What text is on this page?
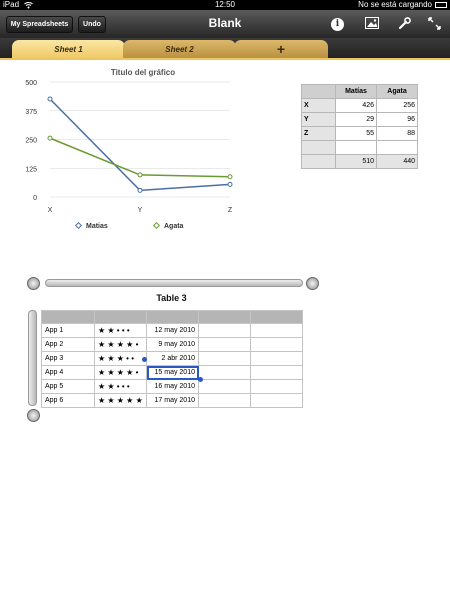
iPad	12:50	No se está cargando
My Spreadsheets	Undo	Blank	i
Sheet 1	Sheet 2	+
Titulo del gráfico
0
125
250
375
500
X	Y	Z
Matias	Agata
	Matías	Agata
X	426	256
Y	29	96
Z	55	88

	510	440
Table 3

App 1	★ ★ • • •	12 may 2010		
App 2	★ ★ ★ ★ •	9 may 2010		
App 3	★ ★ ★ • •	2 abr 2010		
App 4	★ ★ ★ ★ •	15 may 2010		
App 5	★ ★ • • •	16 may 2010		
App 6	★ ★ ★ ★ ★	17 may 2010		
